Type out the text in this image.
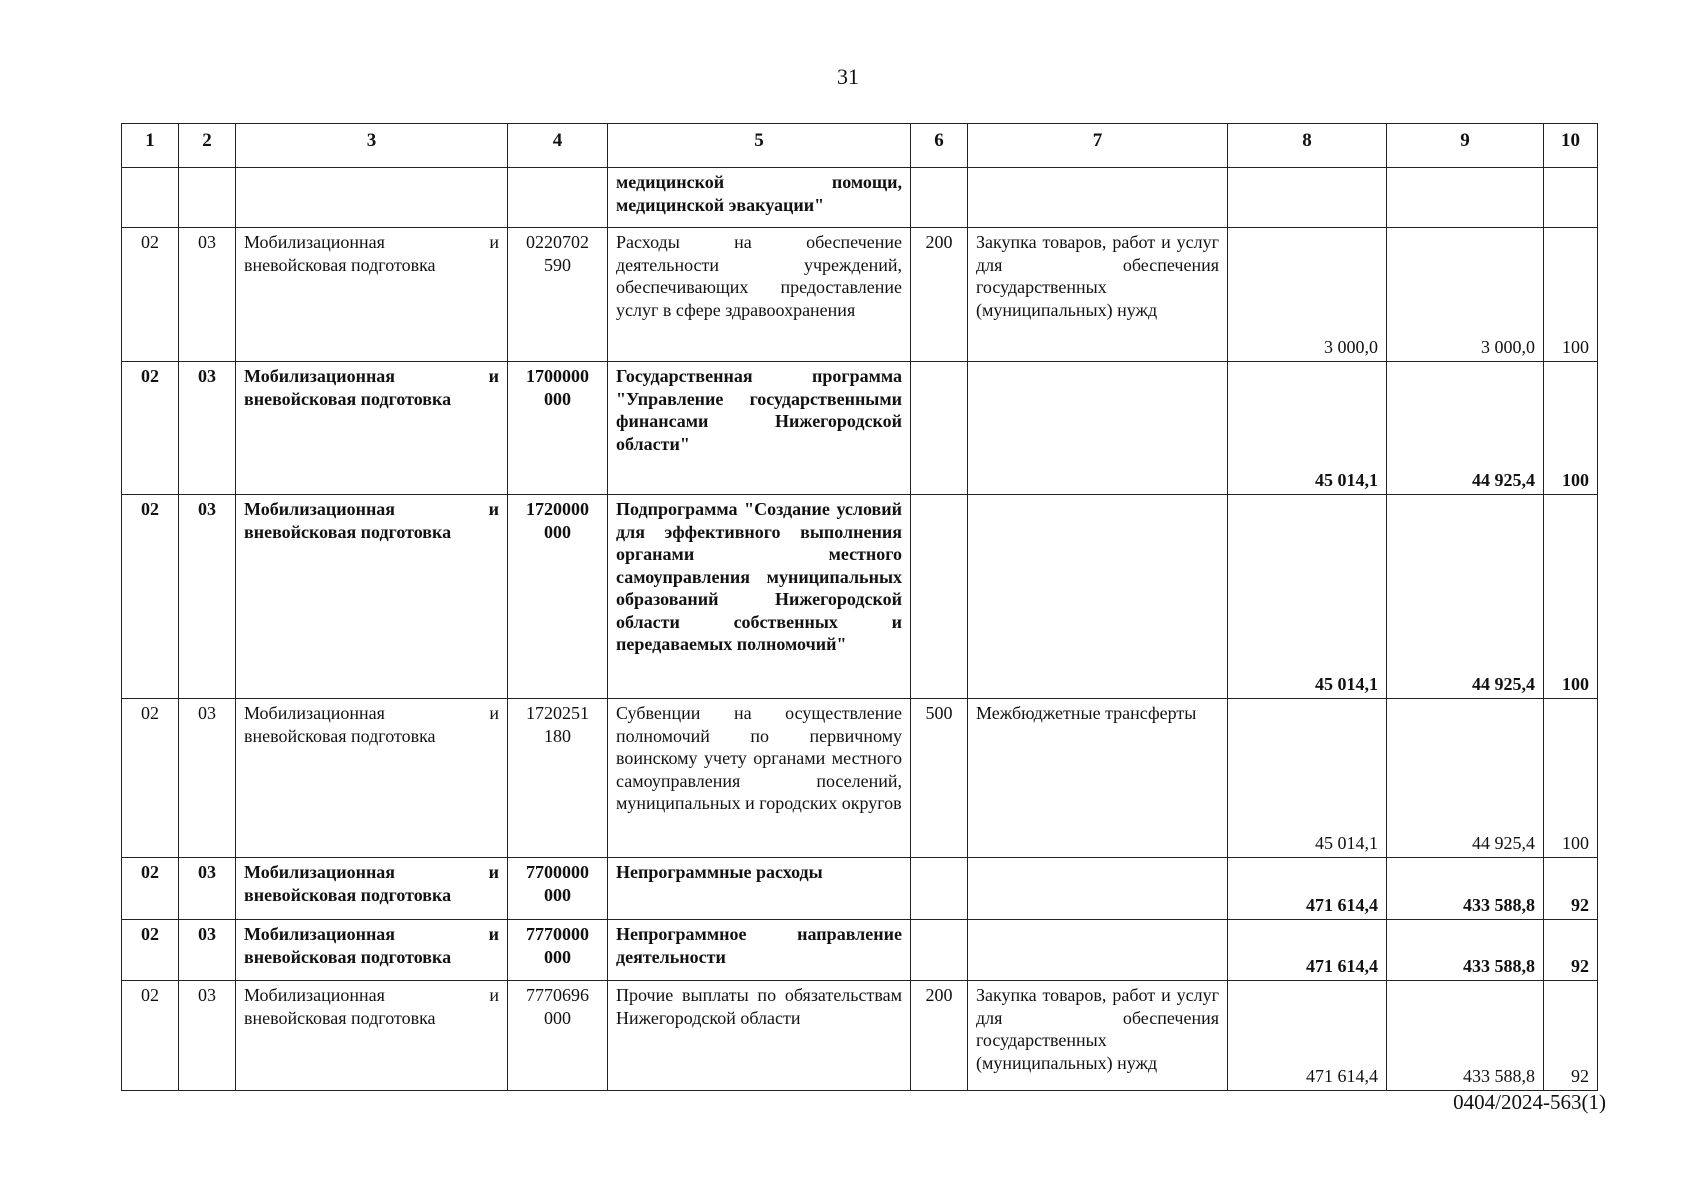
31
1	2	3	4	5	6	7	8	9	10
				медицинской помощи, медицинской эвакуации"					
02	03	Мобилизационная и вневойсковая подготовка	0220702 590	Расходы на обеспечение деятельности учреждений, обеспечивающих предоставление услуг в сфере здравоохранения	200	Закупка товаров, работ и услуг для обеспечения государственных (муниципальных) нужд	3 000,0	3 000,0	100
02	03	Мобилизационная и вневойсковая подготовка	1700000 000	Государственная программа "Управление государственными финансами Нижегородской области"			45 014,1	44 925,4	100
02	03	Мобилизационная и вневойсковая подготовка	1720000 000	Подпрограмма "Создание условий для эффективного выполнения органами местного самоуправления муниципальных образований Нижегородской области собственных и передаваемых полномочий"			45 014,1	44 925,4	100
02	03	Мобилизационная и вневойсковая подготовка	1720251 180	Субвенции на осуществление полномочий по первичному воинскому учету органами местного самоуправления поселений, муниципальных и городских округов	500	Межбюджетные трансферты	45 014,1	44 925,4	100
02	03	Мобилизационная и вневойсковая подготовка	7700000 000	Непрограммные расходы			471 614,4	433 588,8	92
02	03	Мобилизационная и вневойсковая подготовка	7770000 000	Непрограммное направление деятельности			471 614,4	433 588,8	92
02	03	Мобилизационная и вневойсковая подготовка	7770696 000	Прочие выплаты по обязательствам Нижегородской области	200	Закупка товаров, работ и услуг для обеспечения государственных (муниципальных) нужд	471 614,4	433 588,8	92
0404/2024-563(1)
